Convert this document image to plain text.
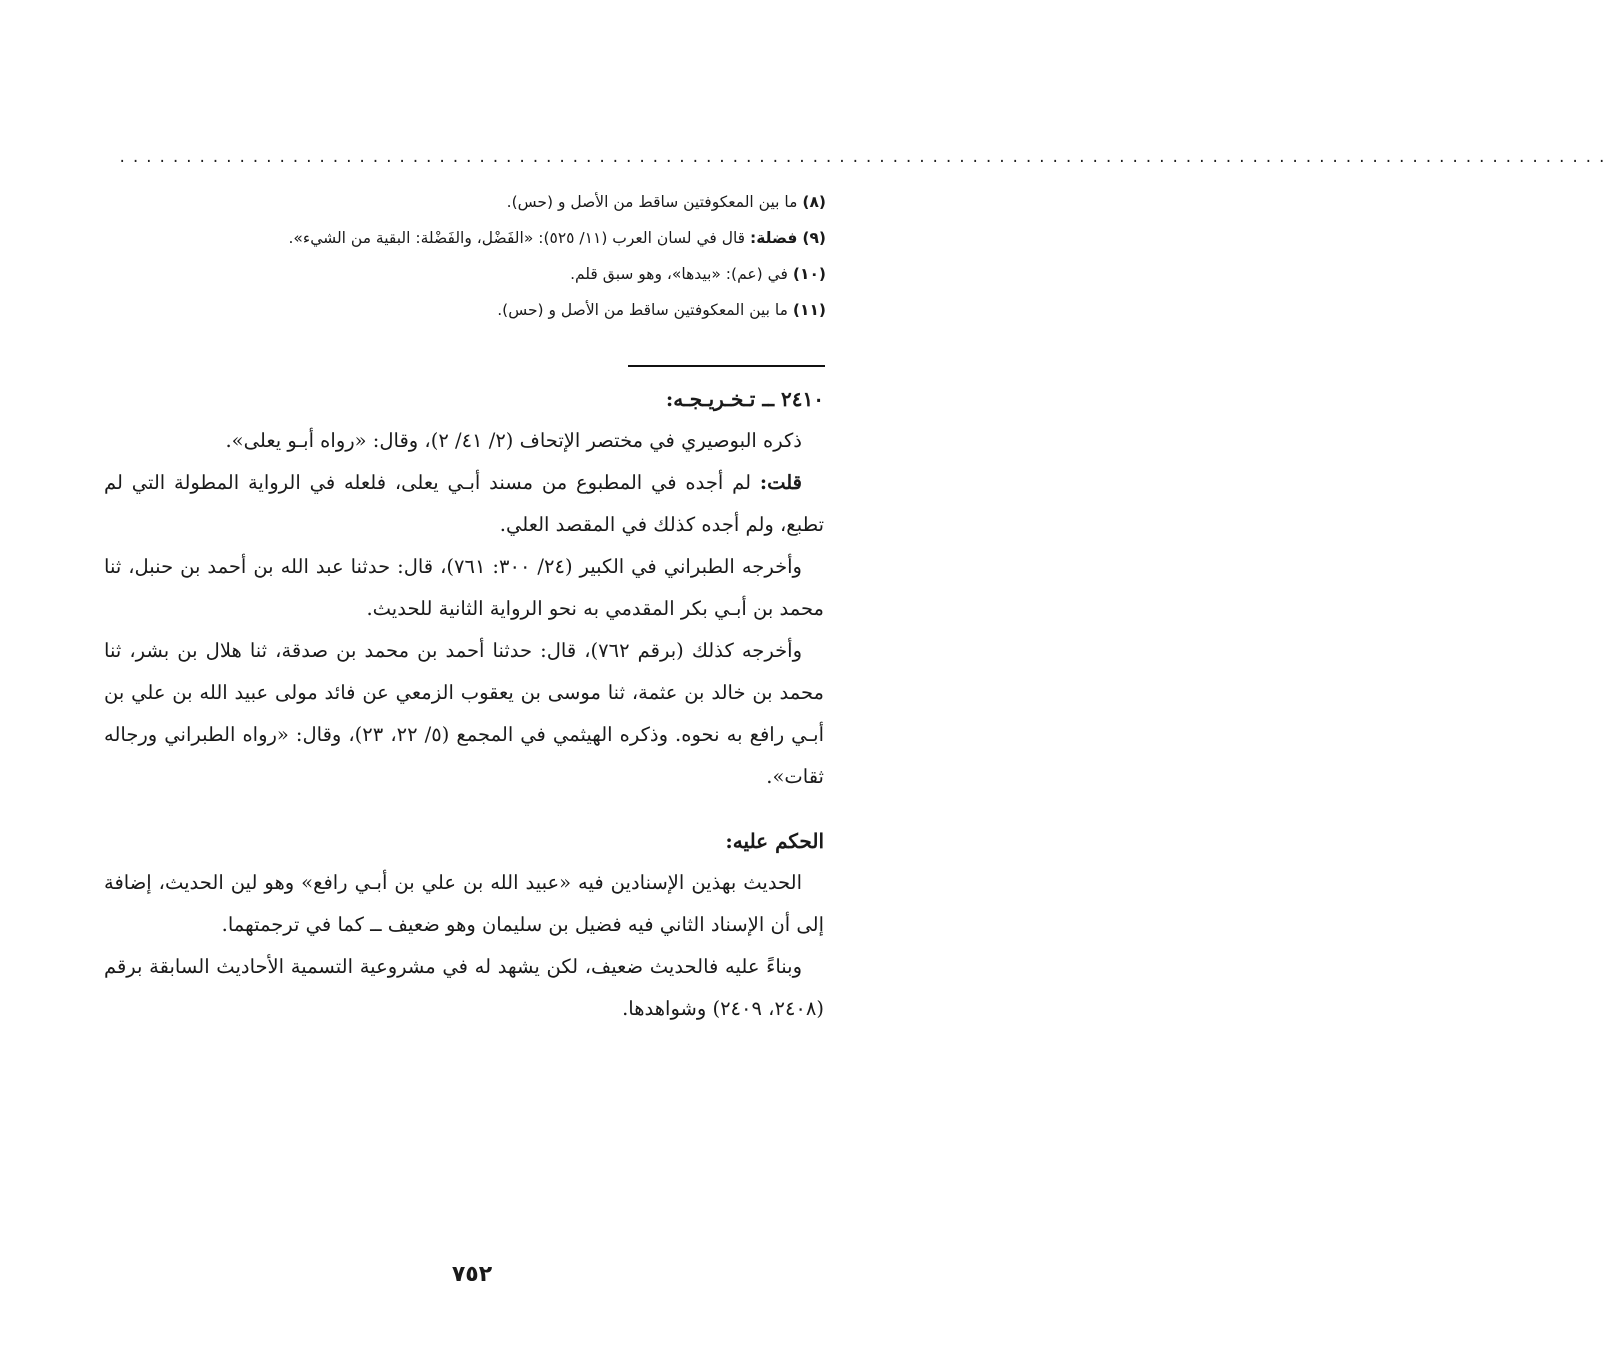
................................................................................................................
(٨) ما بين المعكوفتين ساقط من الأصل و (حس).
(٩) فضلة: قال في لسان العرب (١١/ ٥٢٥): «الفَضْل، والفَضْلة: البقية من الشيء».
(١٠) في (عم): «بيدها»، وهو سبق قلم.
(١١) ما بين المعكوفتين ساقط من الأصل و (حس).

٢٤١٠ ــ تـخـريـجـه:

ذكره البوصيري في مختصر الإتحاف (٢/ ٤١/ ٢)، وقال: «رواه أبـو يعلى».

قلت: لم أجده في المطبوع من مسند أبـي يعلى، فلعله في الرواية المطولة التي لم تطبع، ولم أجده كذلك في المقصد العلي.

وأخرجه الطبراني في الكبير (٢٤/ ٣٠٠: ٧٦١)، قال: حدثنا عبد الله بن أحمد بن حنبل، ثنا محمد بن أبـي بكر المقدمي به نحو الرواية الثانية للحديث.

وأخرجه كذلك (برقم ٧٦٢)، قال: حدثنا أحمد بن محمد بن صدقة، ثنا هلال بن بشر، ثنا محمد بن خالد بن عثمة، ثنا موسى بن يعقوب الزمعي عن فائد مولى عبيد الله بن علي بن أبـي رافع به نحوه. وذكره الهيثمي في المجمع (٥/ ٢٢، ٢٣)، وقال: «رواه الطبراني ورجاله ثقات».

الحكم عليه:

الحديث بهذين الإسنادين فيه «عبيد الله بن علي بن أبـي رافع» وهو لين الحديث، إضافة إلى أن الإسناد الثاني فيه فضيل بن سليمان وهو ضعيف ــ كما في ترجمتهما.

وبناءً عليه فالحديث ضعيف، لكن يشهد له في مشروعية التسمية الأحاديث السابقة برقم (٢٤٠٨، ٢٤٠٩) وشواهدها.

٧٥٢
